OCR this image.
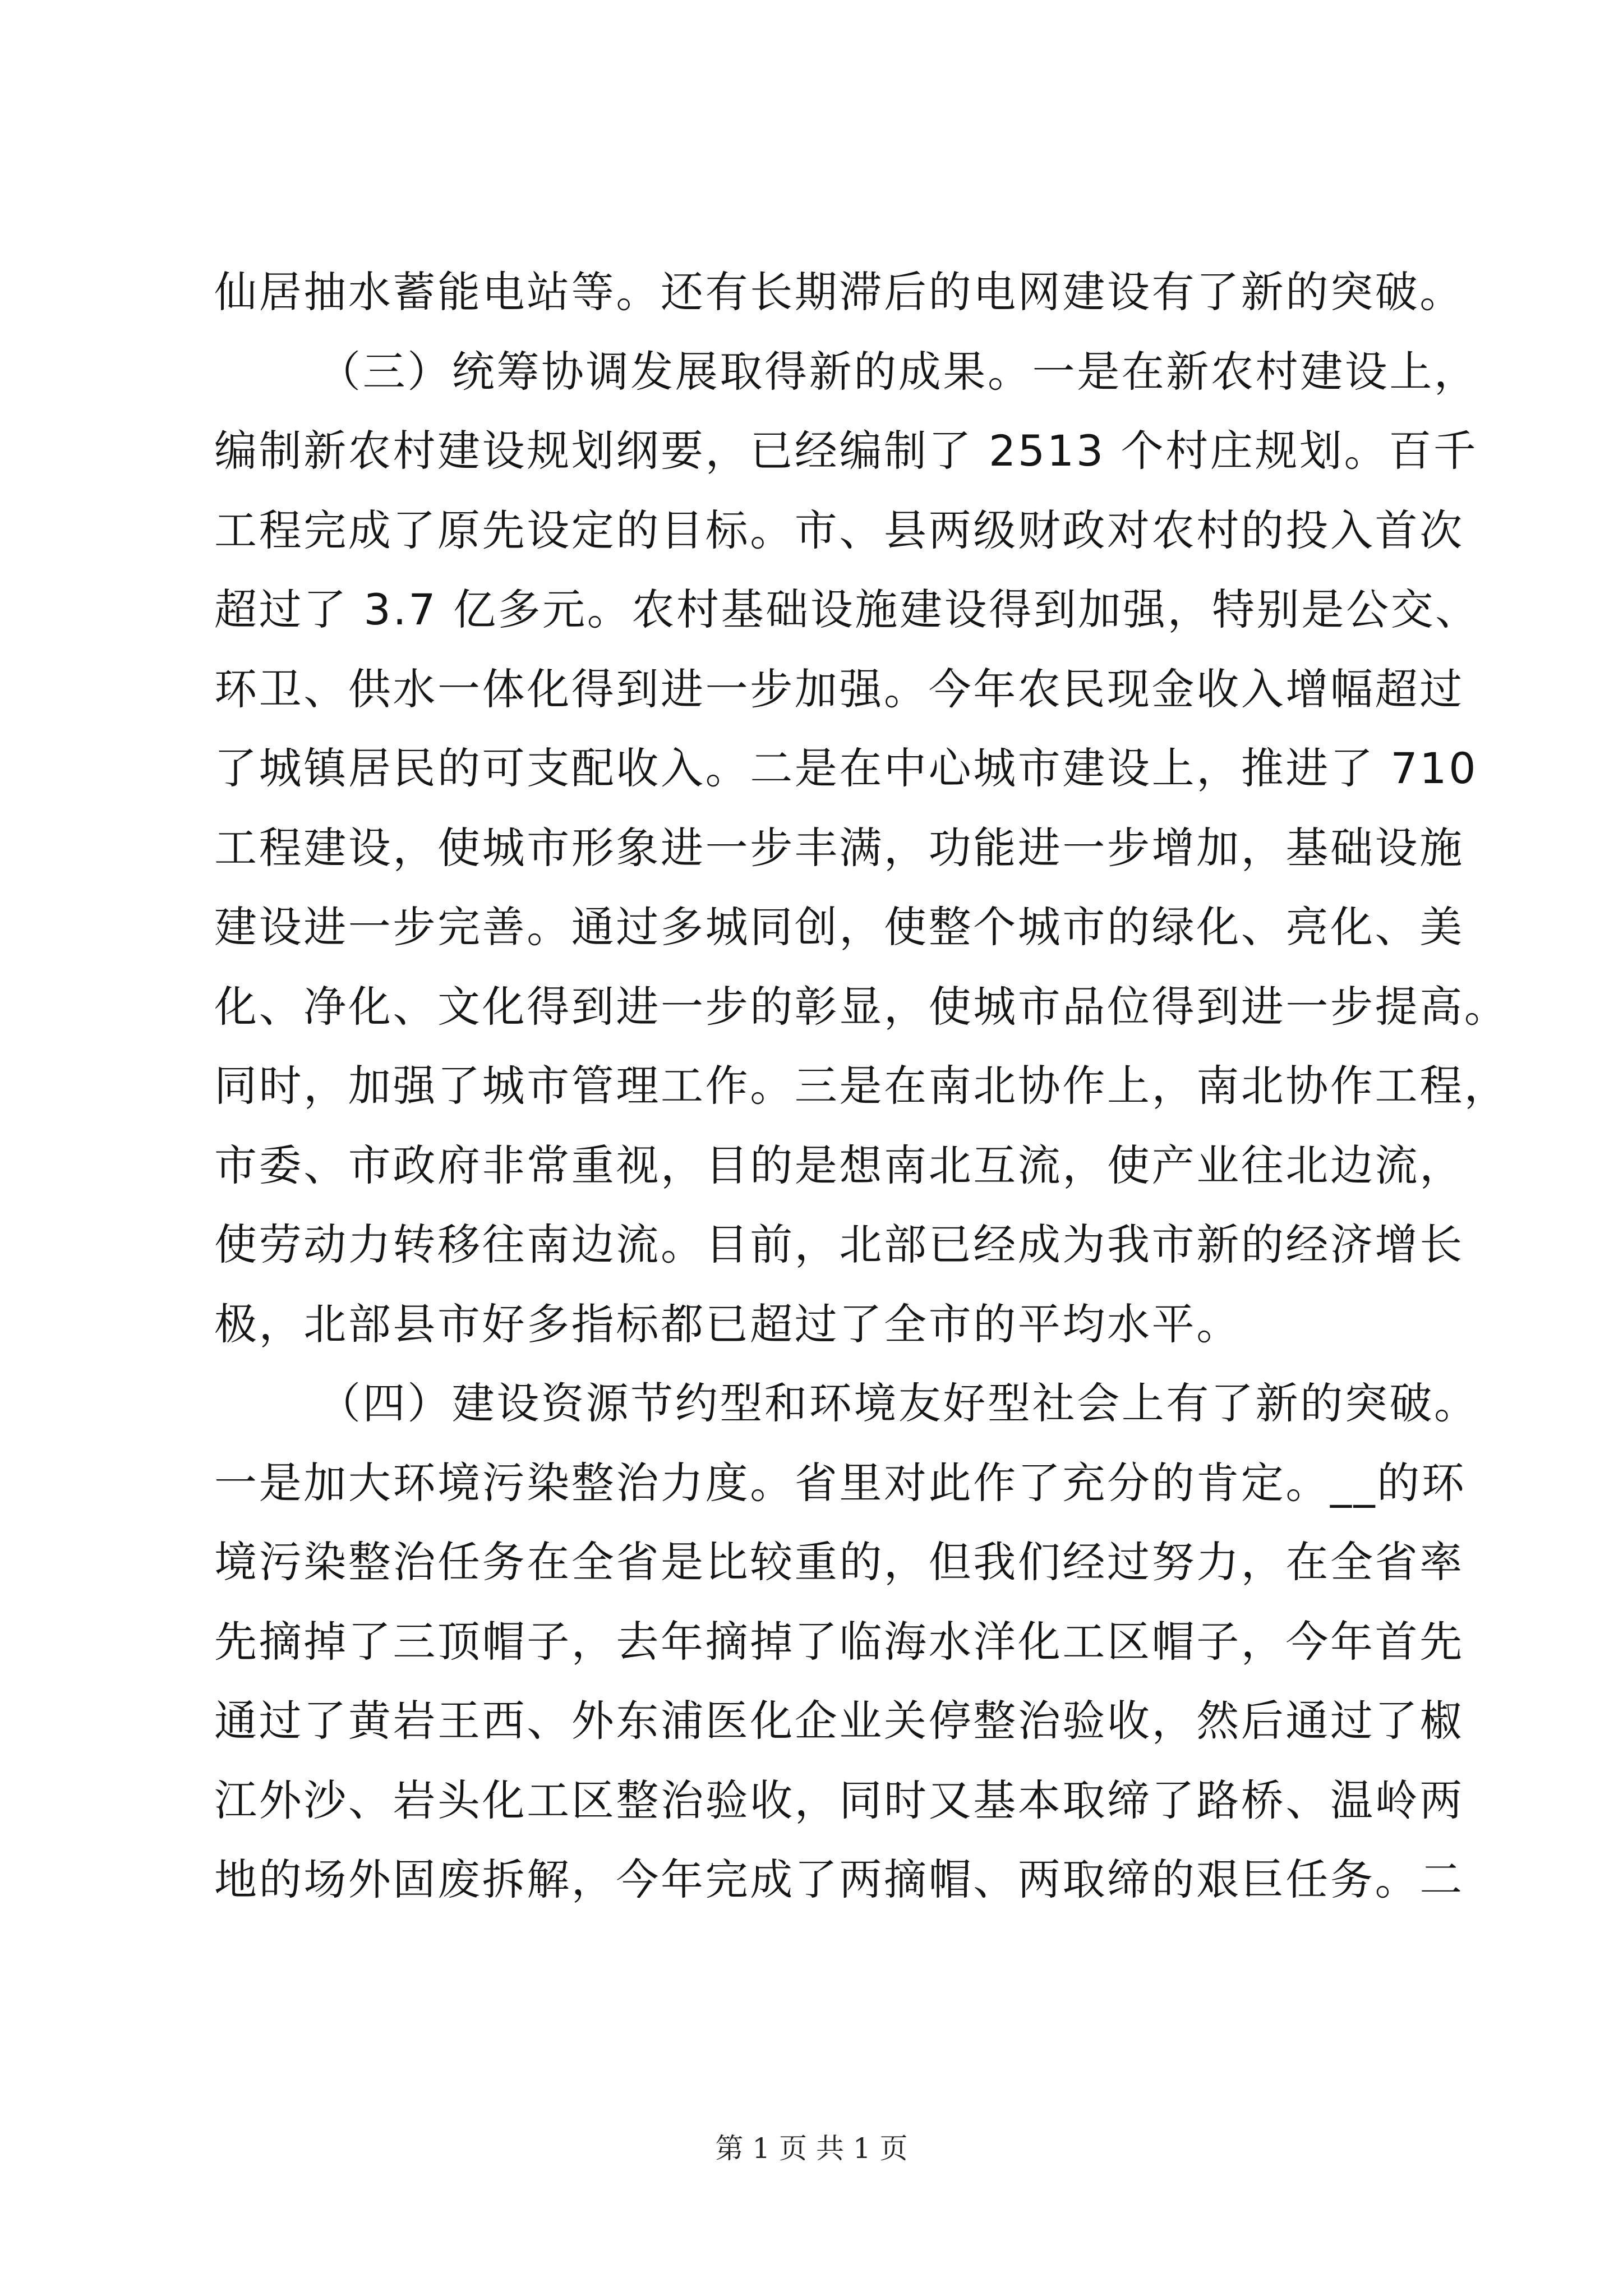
仙居抽水蓄能电站等。还有长期滞后的电网建设有了新的突破。
（三）统筹协调发展取得新的成果。一是在新农村建设上，
编制新农村建设规划纲要，已经编制了 2513 个村庄规划。百千
工程完成了原先设定的目标。市、县两级财政对农村的投入首次
超过了 3.7 亿多元。农村基础设施建设得到加强，特别是公交、
环卫、供水一体化得到进一步加强。今年农民现金收入增幅超过
了城镇居民的可支配收入。二是在中心城市建设上，推进了 710
工程建设，使城市形象进一步丰满，功能进一步增加，基础设施
建设进一步完善。通过多城同创，使整个城市的绿化、亮化、美
化、净化、文化得到进一步的彰显，使城市品位得到进一步提高。
同时，加强了城市管理工作。三是在南北协作上，南北协作工程，
市委、市政府非常重视，目的是想南北互流，使产业往北边流，
使劳动力转移往南边流。目前，北部已经成为我市新的经济增长
极，北部县市好多指标都已超过了全市的平均水平。
（四）建设资源节约型和环境友好型社会上有了新的突破。
一是加大环境污染整治力度。省里对此作了充分的肯定。__的环
境污染整治任务在全省是比较重的，但我们经过努力，在全省率
先摘掉了三顶帽子，去年摘掉了临海水洋化工区帽子，今年首先
通过了黄岩王西、外东浦医化企业关停整治验收，然后通过了椒
江外沙、岩头化工区整治验收，同时又基本取缔了路桥、温岭两
地的场外固废拆解，今年完成了两摘帽、两取缔的艰巨任务。二
第 1 页 共 1 页
